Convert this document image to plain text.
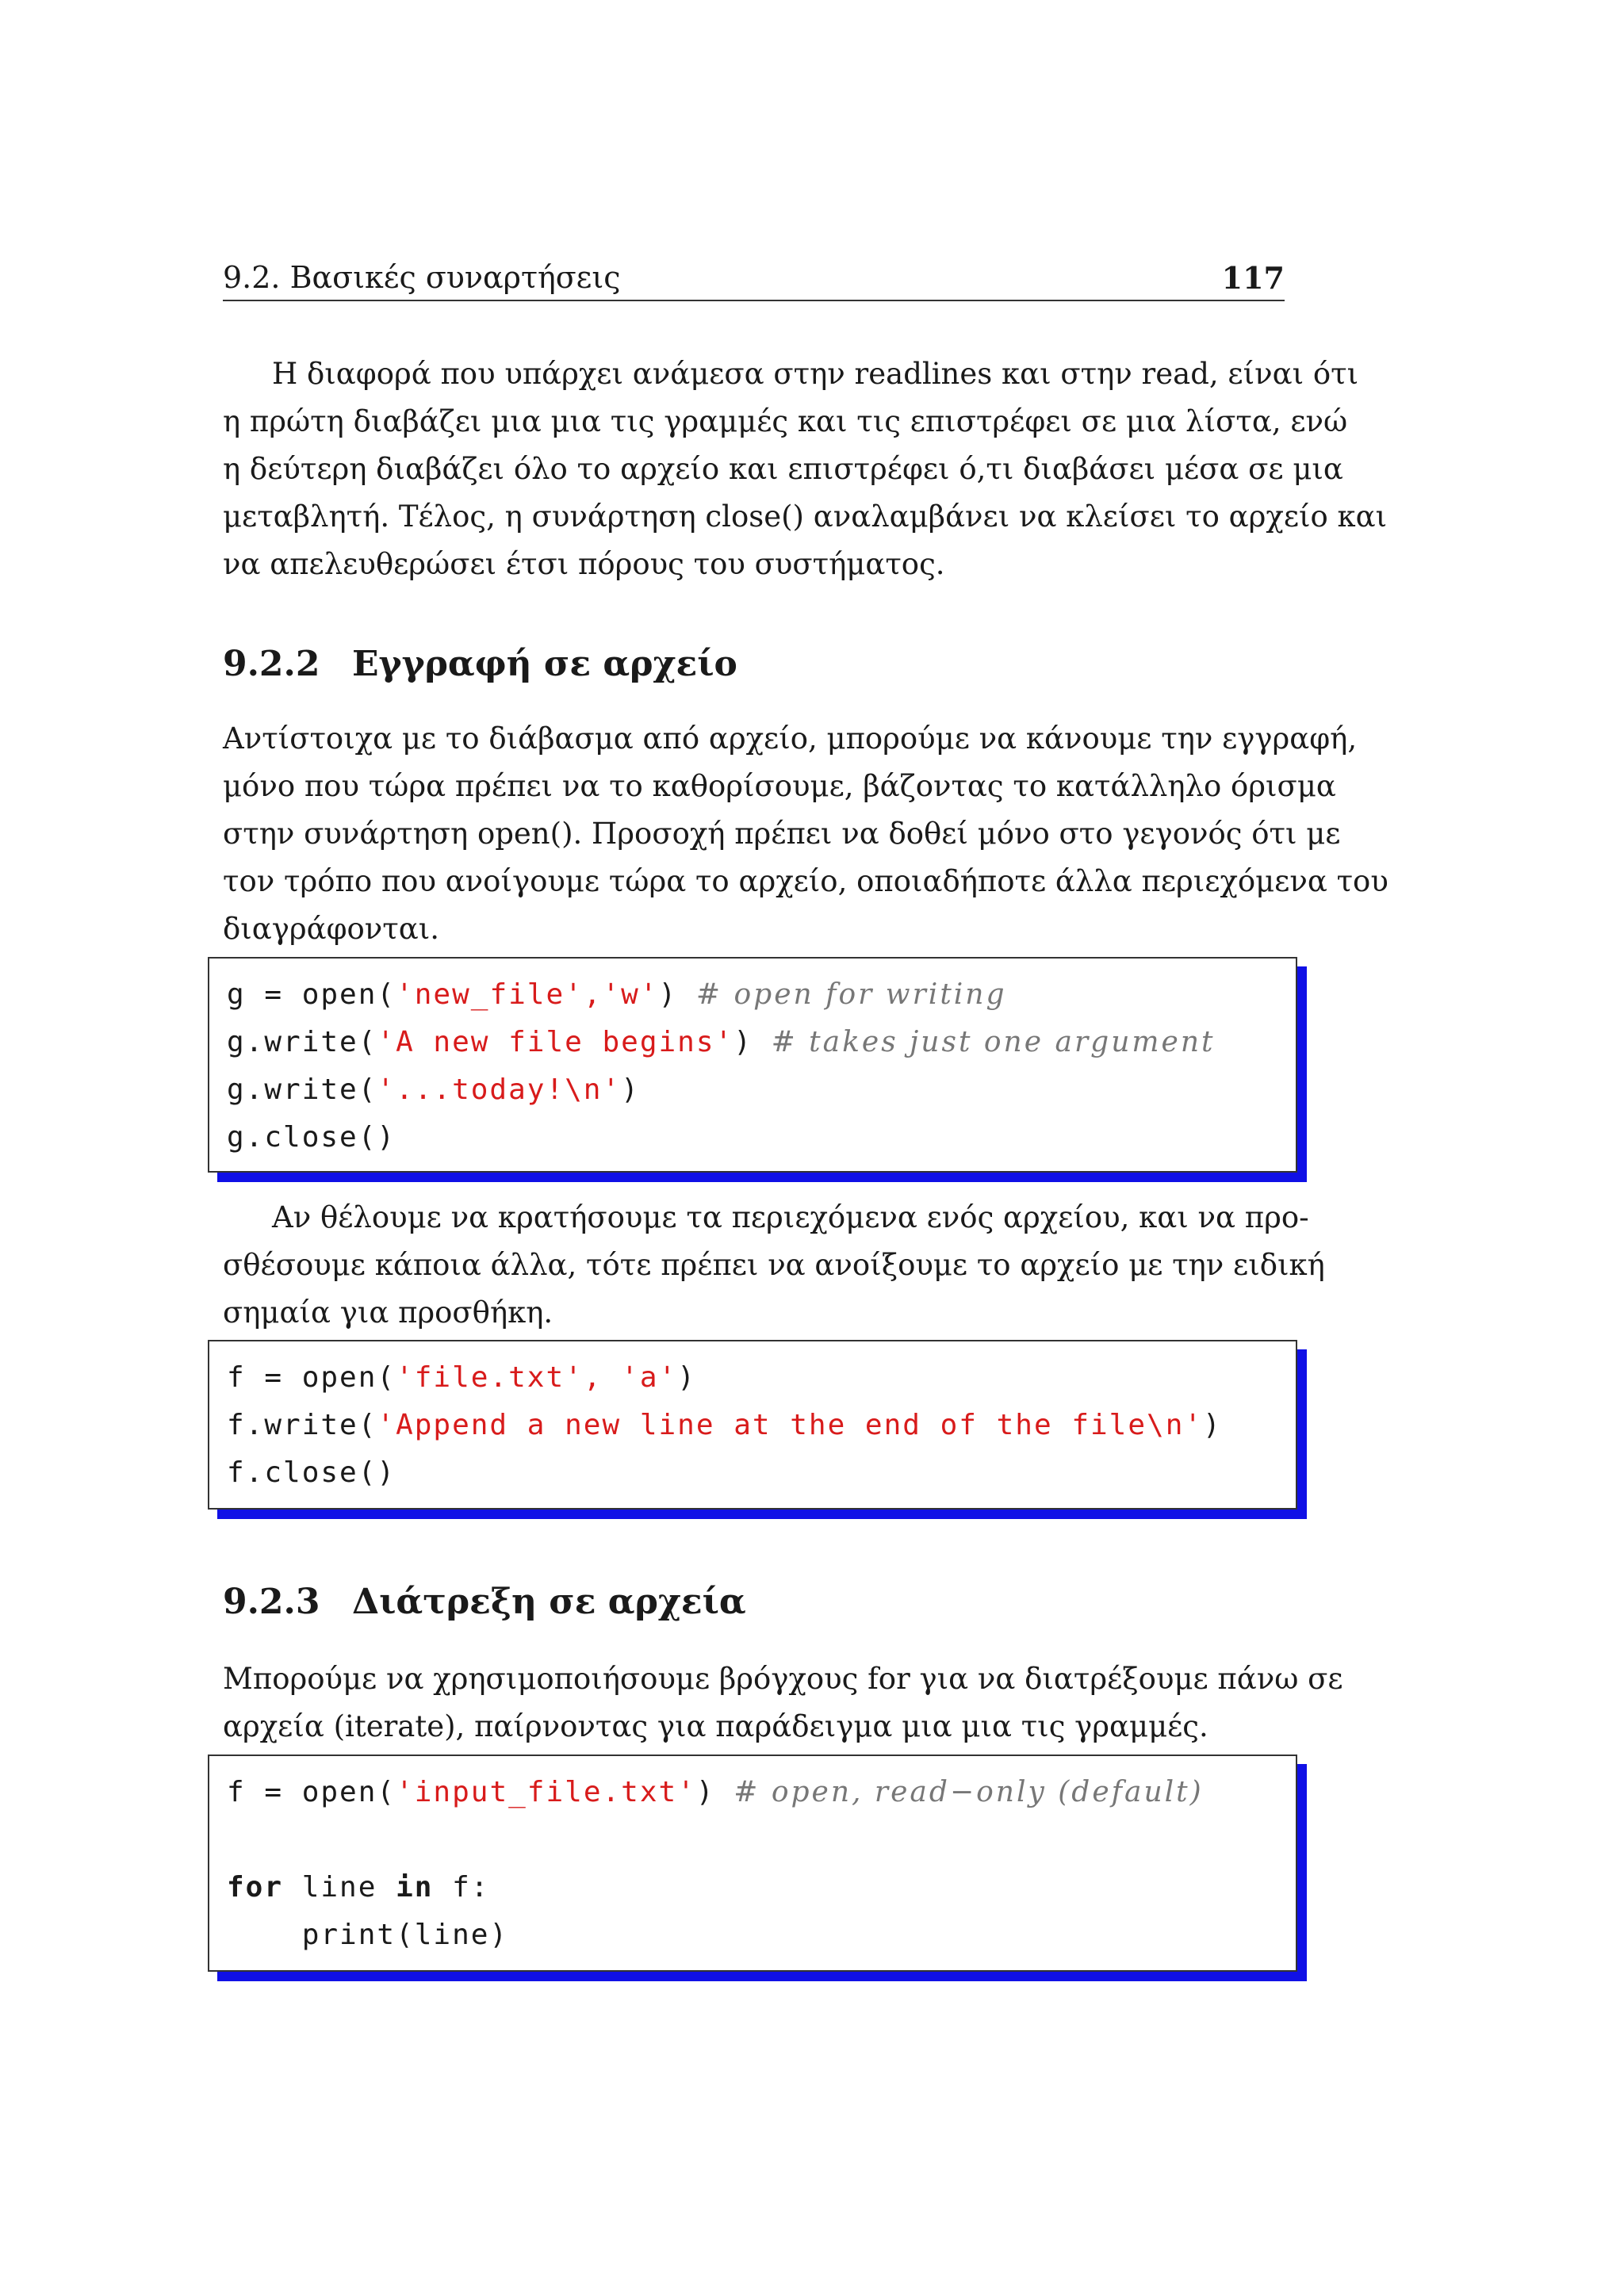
9.2. Βασικές συναρτήσεις	117
Η διαφορά που υπάρχει ανάμεσα στην readlines και στην read, είναι ότι
η πρώτη διαβάζει μια μια τις γραμμές και τις επιστρέφει σε μια λίστα, ενώ
η δεύτερη διαβάζει όλο το αρχείο και επιστρέφει ό,τι διαβάσει μέσα σε μια
μεταβλητή. Τέλος, η συνάρτηση close() αναλαμβάνει να κλείσει το αρχείο και
να απελευθερώσει έτσι πόρους του συστήματος.
9.2.2 Εγγραφή σε αρχείο
Αντίστοιχα με το διάβασμα από αρχείο, μπορούμε να κάνουμε την εγγραφή,
μόνο που τώρα πρέπει να το καθορίσουμε, βάζοντας το κατάλληλο όρισμα
στην συνάρτηση open(). Προσοχή πρέπει να δοθεί μόνο στο γεγονός ότι με
τον τρόπο που ανοίγουμε τώρα το αρχείο, οποιαδήποτε άλλα περιεχόμενα του
διαγράφονται.
g = open('new_file','w') # open for writing
g.write('A new file begins') # takes just one argument
g.write('...today!\n')
g.close()
Αν θέλουμε να κρατήσουμε τα περιεχόμενα ενός αρχείου, και να προ-
σθέσουμε κάποια άλλα, τότε πρέπει να ανοίξουμε το αρχείο με την ειδική
σημαία για προσθήκη.
f = open('file.txt', 'a')
f.write('Append a new line at the end of the file\n')
f.close()
9.2.3 Διάτρεξη σε αρχεία
Μπορούμε να χρησιμοποιήσουμε βρόγχους for για να διατρέξουμε πάνω σε
αρχεία (iterate), παίρνοντας για παράδειγμα μια μια τις γραμμές.
f = open('input_file.txt') # open, read−only (default)
for line in f:
print(line)
